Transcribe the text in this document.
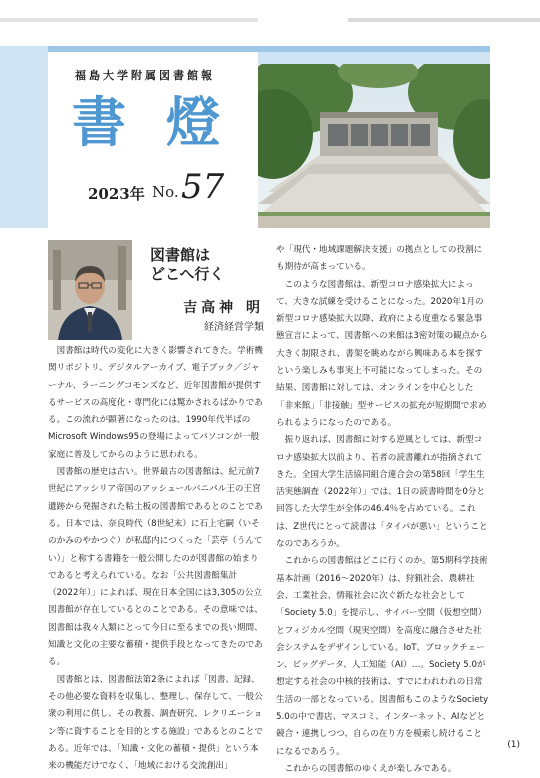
福島大学附属図書館報
書 燈
2023年 No. 57
図書館は
どこへ行く
吉高神 明
経済経営学類

図書館は時代の変化に大きく影響されてきた。学術機関リポジトリ、デジタルアーカイブ、電子ブック／ジャーナル、ラーニングコモンズなど、近年図書館が提供するサービスの高度化・専門化には驚かされるばかりである。この流れが顕著になったのは、1990年代半ばのMicrosoft Windows95の登場によってパソコンが一般家庭に普及してからのように思われる。

図書館の歴史は古い。世界最古の図書館は、紀元前7世紀にアッシリア帝国のアッシュールバニパル王の王宮遺跡から発掘された粘土板の図書館であるとのことである。日本では、奈良時代（8世紀末）に石上宅嗣（いそのかみのやかつぐ）が私邸内につくった「芸亭（うんてい）」と称する書籍を一般公開したのが図書館の始まりであると考えられている。なお「公共図書館集計（2022年）」によれば、現在日本全国には3,305の公立図書館が存在しているとのことである。その意味では、図書館は我々人類にとって今日に至るまでの長い期間、知識と文化の主要な蓄積・提供手段となってきたのである。

図書館とは、図書館法第2条によれば「図書、記録、その他必要な資料を収集し、整理し、保存して、一般公衆の利用に供し、その教養、調査研究、レクリエーション等に資することを目的とする施設」であるとのことである。近年では、「知識・文化の蓄積・提供」という本来の機能だけでなく、「地域における交流創出」

や「現代・地域課題解決支援」の拠点としての役割にも期待が高まっている。

このような図書館は、新型コロナ感染拡大によって、大きな試練を受けることになった。2020年1月の新型コロナ感染拡大以降、政府による度重なる緊急事態宣言によって、図書館への来館は3密対策の観点から大きく制限され、書架を眺めながら興味ある本を探すという楽しみも事実上不可能になってしまった。その結果、図書館に対しては、オンラインを中心とした「非来館」「非接触」型サービスの拡充が短期間で求められるようになったのである。

振り返れば、図書館に対する逆風としては、新型コロナ感染拡大以前より、若者の読書離れが指摘されてきた。全国大学生活協同組合連合会の第58回「学生生活実態調査（2022年）」では、1日の読書時間を0分と回答した大学生が全体の46.4％を占めている。これは、Z世代にとって読書は「タイパが悪い」ということなのであろうか。

これからの図書館はどこに行くのか。第5期科学技術基本計画（2016～2020年）は、狩猟社会、農耕社会、工業社会、情報社会に次ぐ新たな社会として「Society 5.0」を提示し、サイバー空間（仮想空間）とフィジカル空間（現実空間）を高度に融合させた社会システムをデザインしている。IoT、ブロックチェーン、ビッグデータ、人工知能（AI）…。Society 5.0が想定する社会の中核的技術は、すでにわれわれの日常生活の一部となっている。図書館もこのようなSociety 5.0の中で書店、マスコミ、インターネット、AIなどと競合・連携しつつ、自らの在り方を模索し続けることになるであろう。

これからの図書館のゆくえが楽しみである。

(1)
